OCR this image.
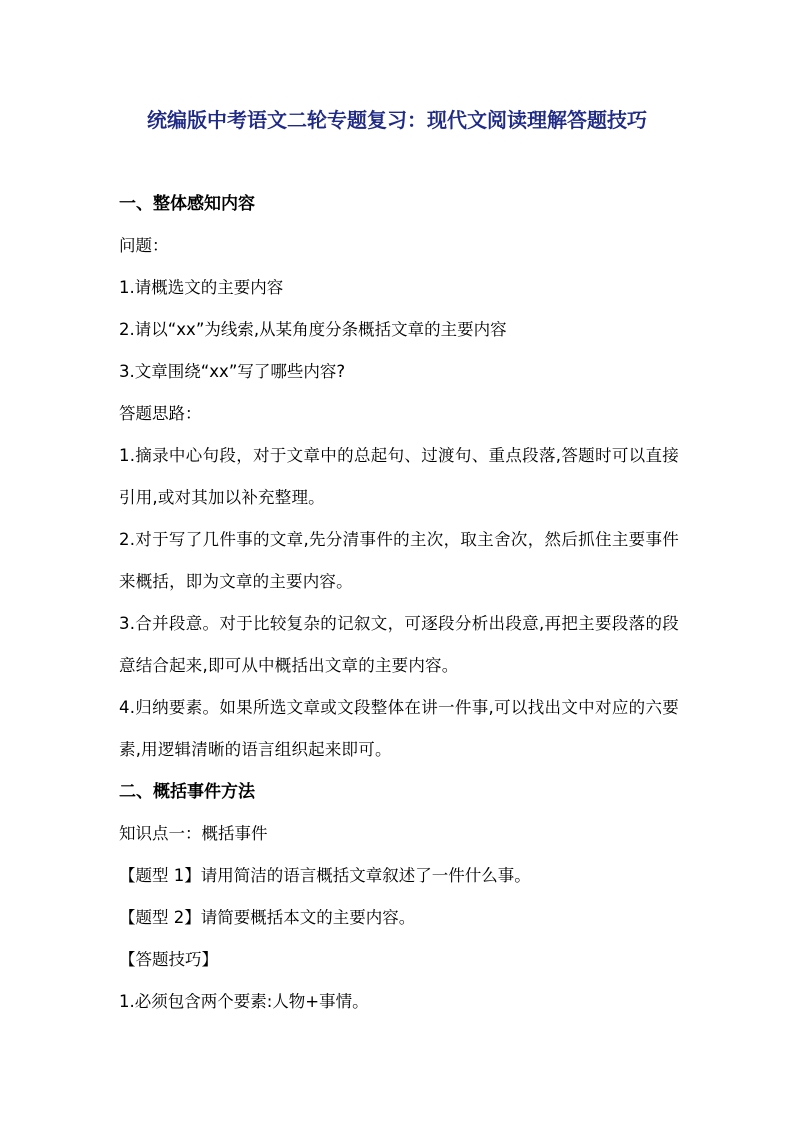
统编版中考语文二轮专题复习：现代文阅读理解答题技巧
一、整体感知内容
问题：
1.请概选文的主要内容
2.请以“xx”为线索,从某角度分条概括文章的主要内容
3.文章围绕“xx”写了哪些内容?
答题思路：
1.摘录中心句段，对于文章中的总起句、过渡句、重点段落,答题时可以直接引用,或对其加以补充整理。
2.对于写了几件事的文章,先分清事件的主次，取主舍次，然后抓住主要事件来概括，即为文章的主要内容。
3.合并段意。对于比较复杂的记叙文，可逐段分析出段意,再把主要段落的段意结合起来,即可从中概括出文章的主要内容。
4.归纳要素。如果所选文章或文段整体在讲一件事,可以找出文中对应的六要素,用逻辑清晰的语言组织起来即可。
二、概括事件方法
知识点一：概括事件
【题型 1】请用简洁的语言概括文章叙述了一件什么事。
【题型 2】请简要概括本文的主要内容。
【答题技巧】
1.必须包含两个要素:人物+事情。
